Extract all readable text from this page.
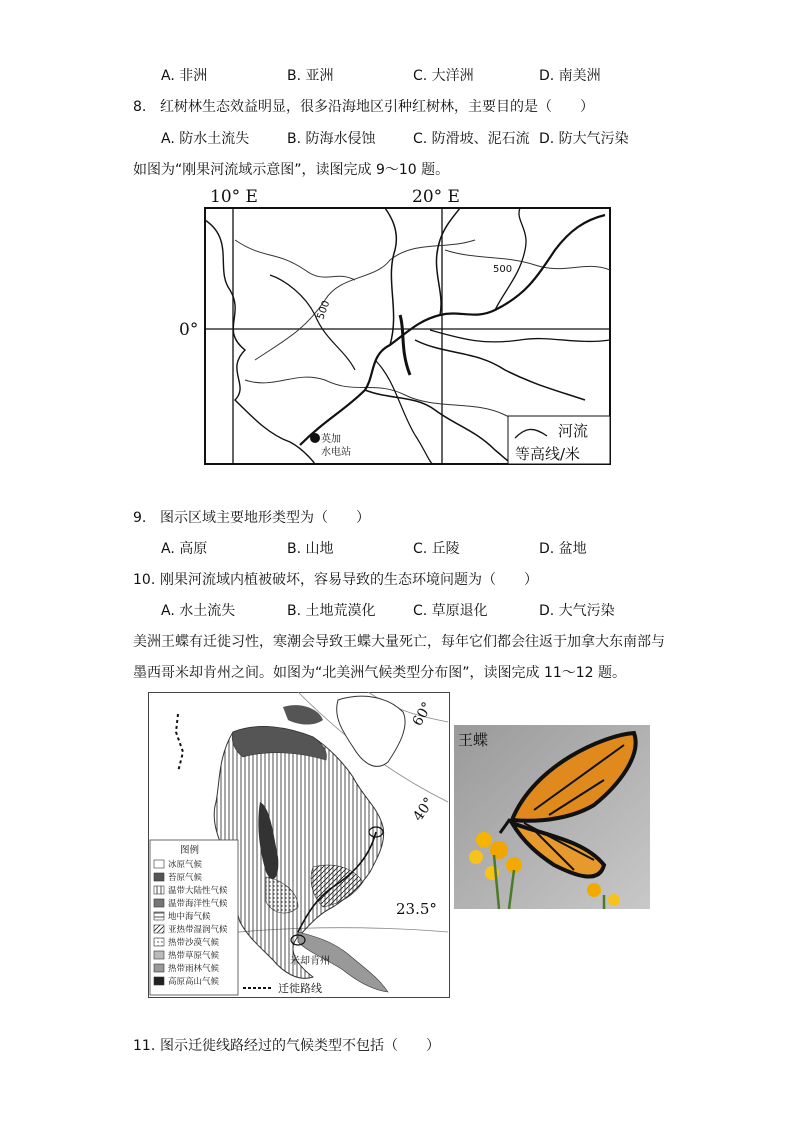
A. 非洲	B. 亚洲	C. 大洋洲	D. 南美洲
8. 红树林生态效益明显，很多沿海地区引种红树林，主要目的是（　　）
A. 防水土流失	B. 防海水侵蚀	C. 防滑坡、泥石流 D. 防大气污染
如图为“刚果河流域示意图”，读图完成 9～10 题。
10° E	20° E
0°
500
500
英加
水电站
河流
等高线/米
9. 图示区域主要地形类型为（　　）
A. 高原	B. 山地	C. 丘陵	D. 盆地
10. 刚果河流域内植被破坏，容易导致的生态环境问题为（　　）
A. 水土流失	B. 土地荒漠化	C. 草原退化	D. 大气污染
美洲王蝶有迁徙习性，寒潮会导致王蝶大量死亡，每年它们都会往返于加拿大东南部与
墨西哥米却肯州之间。如图为“北美洲气候类型分布图”，读图完成 11～12 题。
60°
40°
23.5°
米却肯州
图例
冰原气候
苔原气候
温带大陆性气候
温带海洋性气候
地中海气候
亚热带湿润气候
热带沙漠气候
热带草原气候
热带雨林气候
高原高山气候	迁徙路线
王蝶
11. 图示迁徙线路经过的气候类型不包括（　　）
